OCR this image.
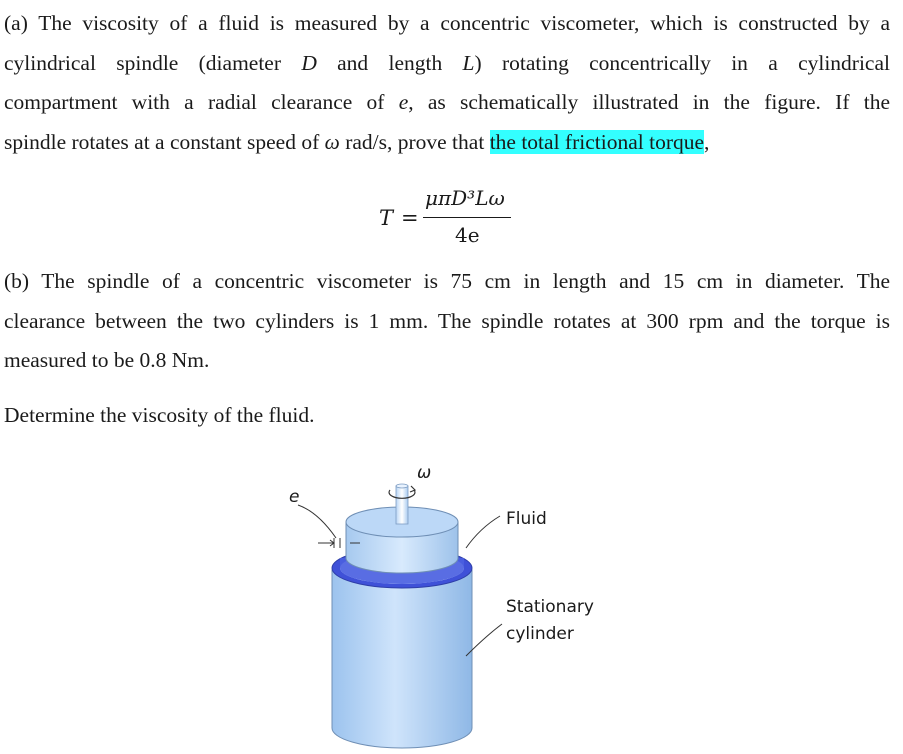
(a) The viscosity of a fluid is measured by a concentric viscometer, which is constructed by a
cylindrical spindle (diameter D and length L) rotating concentrically in a cylindrical
compartment with a radial clearance of e, as schematically illustrated in the figure. If the
spindle rotates at a constant speed of ω rad/s, prove that the total frictional torque,
T =
μπD³Lω
4e
(b) The spindle of a concentric viscometer is 75 cm in length and 15 cm in diameter. The
clearance between the two cylinders is 1 mm. The spindle rotates at 300 rpm and the torque is
measured to be 0.8 Nm.
Determine the viscosity of the fluid.
ω
e
Fluid
Stationary
cylinder
